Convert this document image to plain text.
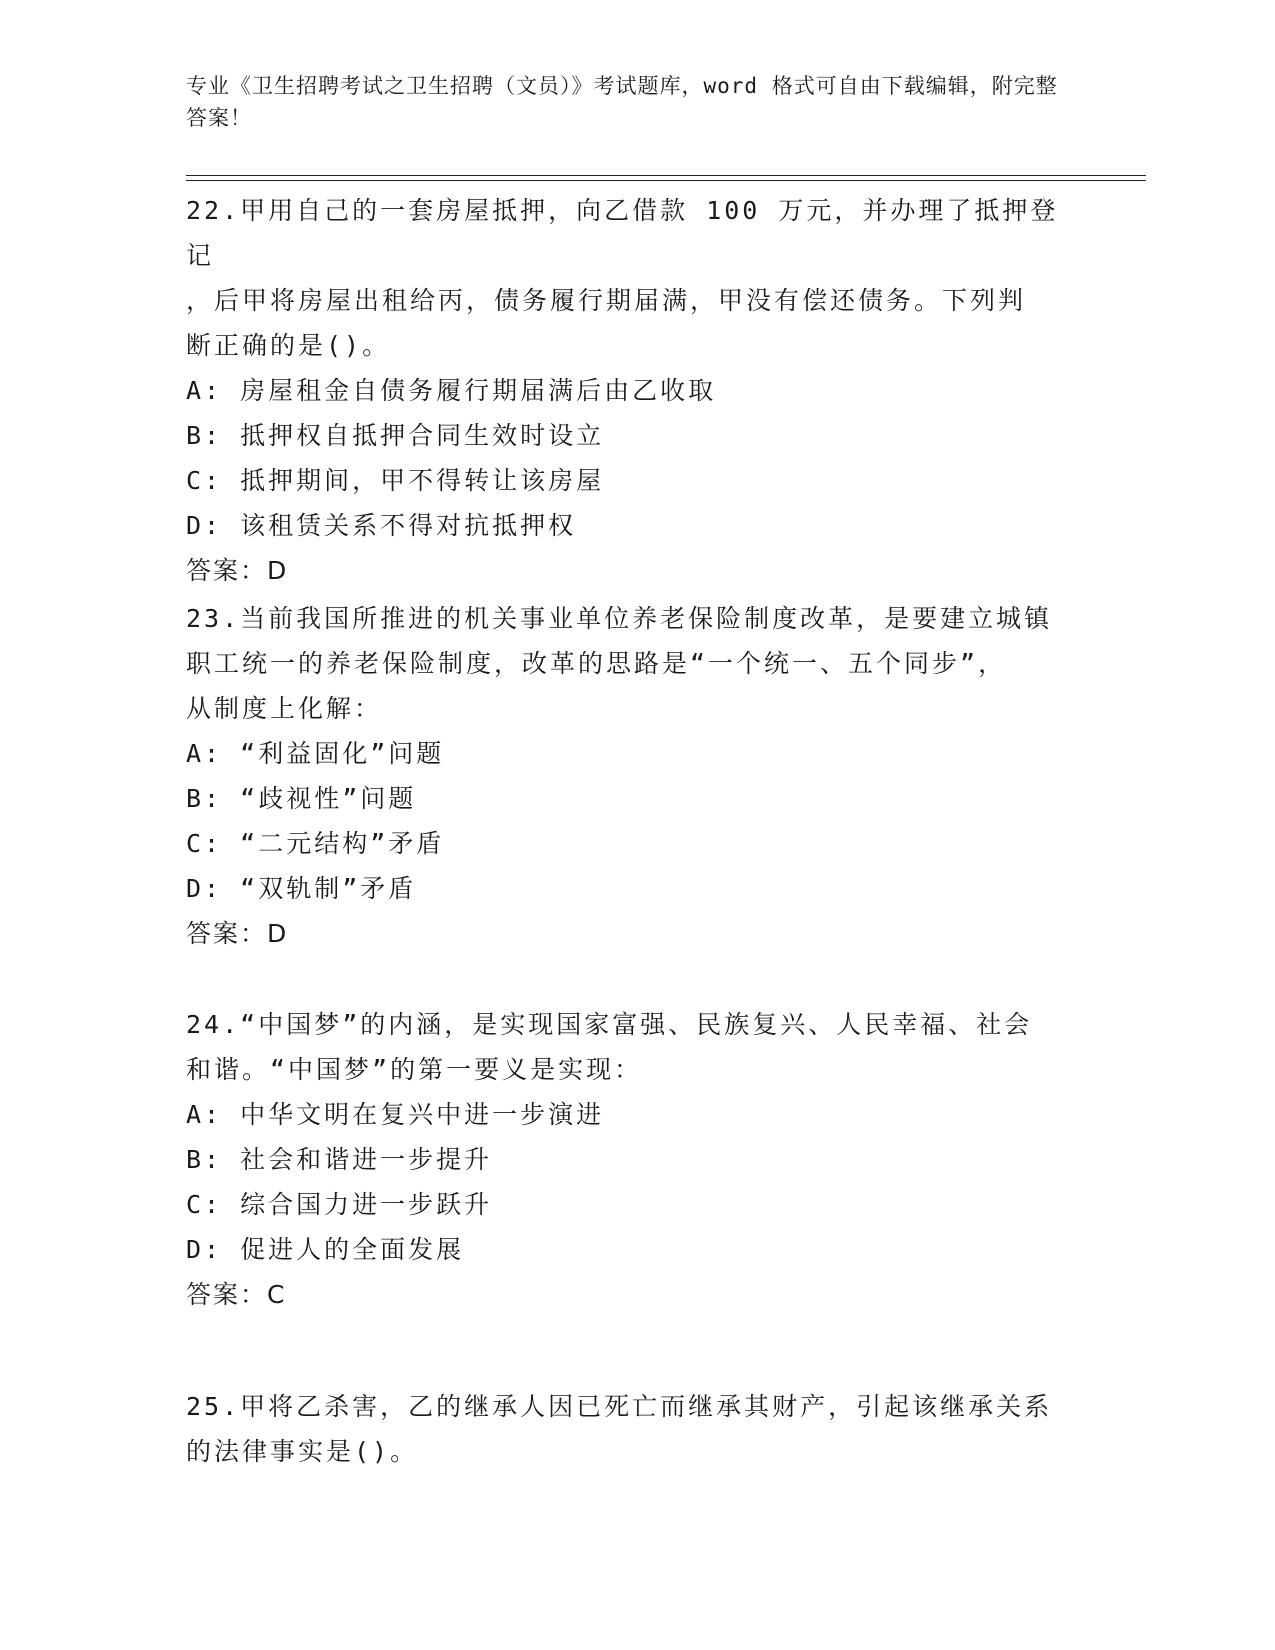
专业《卫生招聘考试之卫生招聘（文员）》考试题库，word 格式可自由下载编辑，附完整答案！

22.甲用自己的一套房屋抵押，向乙借款 100 万元，并办理了抵押登记

，后甲将房屋出租给丙，债务履行期届满，甲没有偿还债务。下列判

断正确的是()。

A: 房屋租金自债务履行期届满后由乙收取

B: 抵押权自抵押合同生效时设立

C: 抵押期间，甲不得转让该房屋

D: 该租赁关系不得对抗抵押权

答案：D

23.当前我国所推进的机关事业单位养老保险制度改革，是要建立城镇

职工统一的养老保险制度，改革的思路是“一个统一、五个同步”，

从制度上化解：

A: “利益固化”问题

B: “歧视性”问题

C: “二元结构”矛盾

D: “双轨制”矛盾

答案：D

24.“中国梦”的内涵，是实现国家富强、民族复兴、人民幸福、社会

和谐。“中国梦”的第一要义是实现：

A: 中华文明在复兴中进一步演进

B: 社会和谐进一步提升

C: 综合国力进一步跃升

D: 促进人的全面发展

答案：C

25.甲将乙杀害，乙的继承人因已死亡而继承其财产，引起该继承关系

的法律事实是()。
